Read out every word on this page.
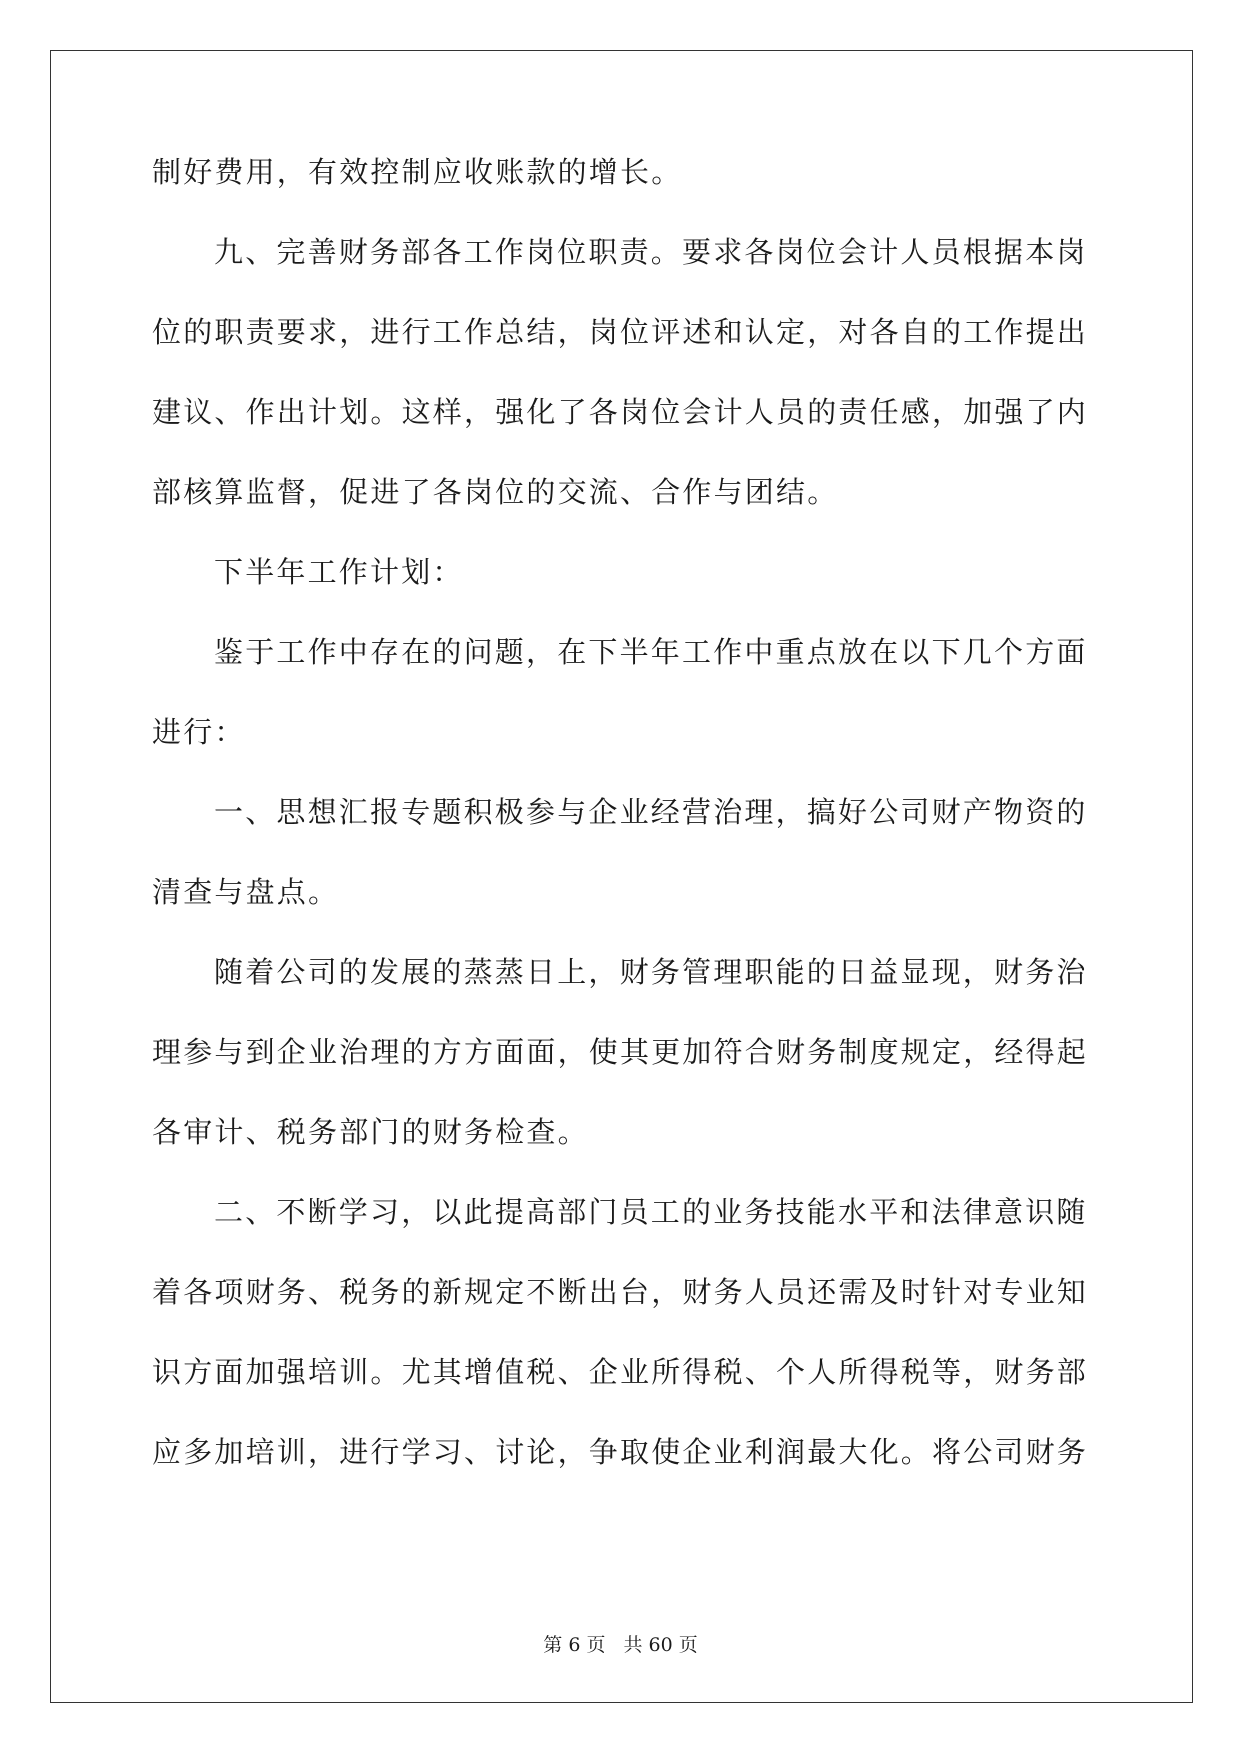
制好费用，有效控制应收账款的增长。
九、完善财务部各工作岗位职责。要求各岗位会计人员根据本岗
位的职责要求，进行工作总结，岗位评述和认定，对各自的工作提出
建议、作出计划。这样，强化了各岗位会计人员的责任感，加强了内
部核算监督，促进了各岗位的交流、合作与团结。
下半年工作计划：
鉴于工作中存在的问题，在下半年工作中重点放在以下几个方面
进行：
一、思想汇报专题积极参与企业经营治理，搞好公司财产物资的
清查与盘点。
随着公司的发展的蒸蒸日上，财务管理职能的日益显现，财务治
理参与到企业治理的方方面面，使其更加符合财务制度规定，经得起
各审计、税务部门的财务检查。
二、不断学习，以此提高部门员工的业务技能水平和法律意识随
着各项财务、税务的新规定不断出台，财务人员还需及时针对专业知
识方面加强培训。尤其增值税、企业所得税、个人所得税等，财务部
应多加培训，进行学习、讨论，争取使企业利润最大化。将公司财务
第 6 页 共 60 页
